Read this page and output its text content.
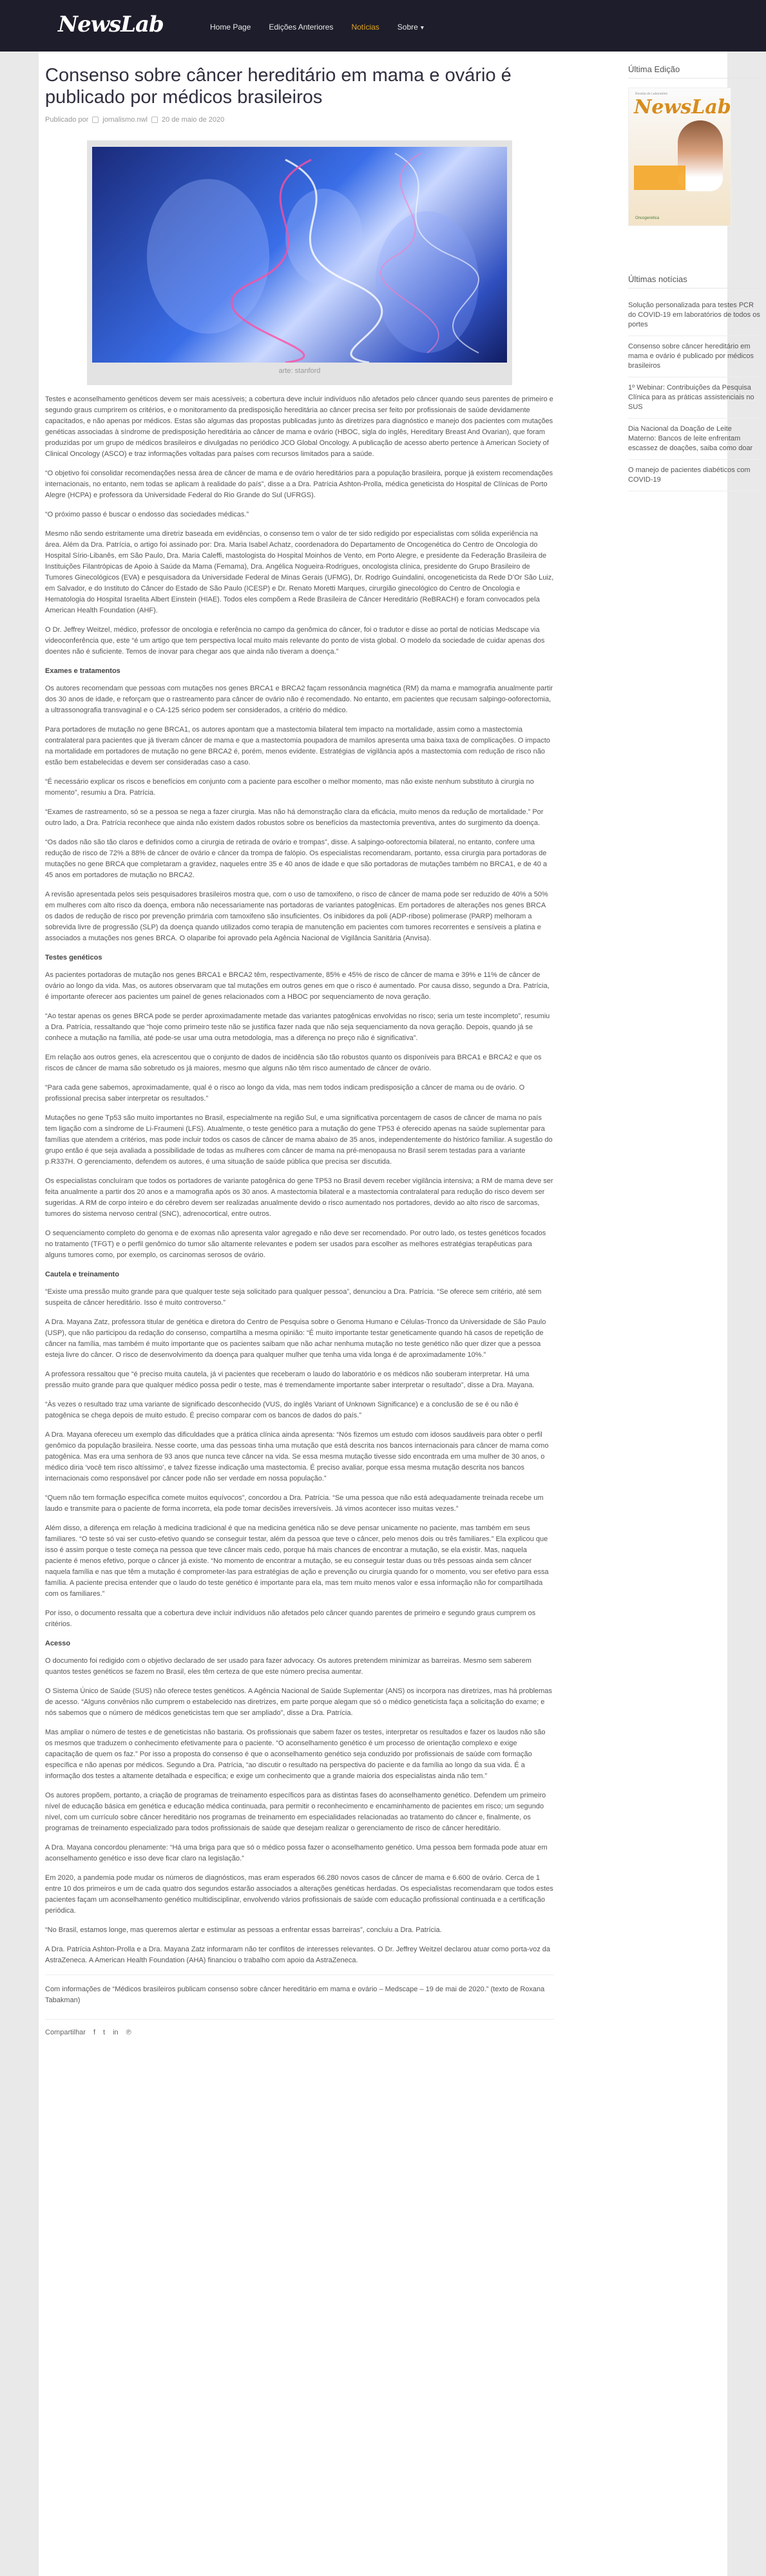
NewsLab	Home Page	Edições Anteriores	Notícias	Sobre ▾
Consenso sobre câncer hereditário em mama e ovário é publicado por médicos brasileiros
Publicado por jornalismo.nwl 20 de maio de 2020
arte: stanford

Testes e aconselhamento genéticos devem ser mais acessíveis; a cobertura deve incluir indivíduos não afetados pelo câncer quando seus parentes de primeiro e segundo graus cumprirem os critérios, e o monitoramento da predisposição hereditária ao câncer precisa ser feito por profissionais de saúde devidamente capacitados, e não apenas por médicos. Estas são algumas das propostas publicadas junto às diretrizes para diagnóstico e manejo dos pacientes com mutações genéticas associadas à síndrome de predisposição hereditária ao câncer de mama e ovário (HBOC, sigla do inglês, Hereditary Breast And Ovarian), que foram produzidas por um grupo de médicos brasileiros e divulgadas no periódico JCO Global Oncology. A publicação de acesso aberto pertence à American Society of Clinical Oncology (ASCO) e traz informações voltadas para países com recursos limitados para a saúde.

“O objetivo foi consolidar recomendações nessa área de câncer de mama e de ovário hereditários para a população brasileira, porque já existem recomendações internacionais, no entanto, nem todas se aplicam à realidade do país”, disse a a Dra. Patrícia Ashton-Prolla, médica geneticista do Hospital de Clínicas de Porto Alegre (HCPA) e professora da Universidade Federal do Rio Grande do Sul (UFRGS).

“O próximo passo é buscar o endosso das sociedades médicas.”

Mesmo não sendo estritamente uma diretriz baseada em evidências, o consenso tem o valor de ter sido redigido por especialistas com sólida experiência na área. Além da Dra. Patrícia, o artigo foi assinado por: Dra. Maria Isabel Achatz, coordenadora do Departamento de Oncogenética do Centro de Oncologia do Hospital Sírio-Libanês, em São Paulo, Dra. Maria Caleffi, mastologista do Hospital Moinhos de Vento, em Porto Alegre, e presidente da Federação Brasileira de Instituições Filantrópicas de Apoio à Saúde da Mama (Femama), Dra. Angélica Nogueira-Rodrigues, oncologista clínica, presidente do Grupo Brasileiro de Tumores Ginecológicos (EVA) e pesquisadora da Universidade Federal de Minas Gerais (UFMG), Dr. Rodrigo Guindalini, oncogeneticista da Rede D’Or São Luiz, em Salvador, e do Instituto do Câncer do Estado de São Paulo (ICESP) e Dr. Renato Moretti Marques, cirurgião ginecológico do Centro de Oncologia e Hematologia do Hospital Israelita Albert Einstein (HIAE). Todos eles compõem a Rede Brasileira de Câncer Hereditário (ReBRACH) e foram convocados pela American Health Foundation (AHF).

O Dr. Jeffrey Weitzel, médico, professor de oncologia e referência no campo da genômica do câncer, foi o tradutor e disse ao portal de notícias Medscape via videoconferência que, este “é um artigo que tem perspectiva local muito mais relevante do ponto de vista global. O modelo da sociedade de cuidar apenas dos doentes não é suficiente. Temos de inovar para chegar aos que ainda não tiveram a doença.”

Exames e tratamentos

Os autores recomendam que pessoas com mutações nos genes BRCA1 e BRCA2 façam ressonância magnética (RM) da mama e mamografia anualmente partir dos 30 anos de idade, e reforçam que o rastreamento para câncer de ovário não é recomendado. No entanto, em pacientes que recusam salpingo-ooforectomia, a ultrassonografia transvaginal e o CA-125 sérico podem ser considerados, a critério do médico.

Para portadores de mutação no gene BRCA1, os autores apontam que a mastectomia bilateral tem impacto na mortalidade, assim como a mastectomia contralateral para pacientes que já tiveram câncer de mama e que a mastectomia poupadora de mamilos apresenta uma baixa taxa de complicações. O impacto na mortalidade em portadores de mutação no gene BRCA2 é, porém, menos evidente. Estratégias de vigilância após a mastectomia com redução de risco não estão bem estabelecidas e devem ser consideradas caso a caso.

“É necessário explicar os riscos e benefícios em conjunto com a paciente para escolher o melhor momento, mas não existe nenhum substituto à cirurgia no momento”, resumiu a Dra. Patrícia.

“Exames de rastreamento, só se a pessoa se nega a fazer cirurgia. Mas não há demonstração clara da eficácia, muito menos da redução de mortalidade.” Por outro lado, a Dra. Patrícia reconhece que ainda não existem dados robustos sobre os benefícios da mastectomia preventiva, antes do surgimento da doença.

“Os dados não são tão claros e definidos como a cirurgia de retirada de ovário e trompas”, disse. A salpingo-ooforectomia bilateral, no entanto, confere uma redução de risco de 72% a 88% de câncer de ovário e câncer da trompa de falópio. Os especialistas recomendaram, portanto, essa cirurgia para portadoras de mutações no gene BRCA que completaram a gravidez, naqueles entre 35 e 40 anos de idade e que são portadoras de mutações também no BRCA1, e de 40 a 45 anos em portadores de mutação no BRCA2.

A revisão apresentada pelos seis pesquisadores brasileiros mostra que, com o uso de tamoxifeno, o risco de câncer de mama pode ser reduzido de 40% a 50% em mulheres com alto risco da doença, embora não necessariamente nas portadoras de variantes patogênicas. Em portadores de alterações nos genes BRCA os dados de redução de risco por prevenção primária com tamoxifeno são insuficientes. Os inibidores da poli (ADP-ribose) polimerase (PARP) melhoram a sobrevida livre de progressão (SLP) da doença quando utilizados como terapia de manutenção em pacientes com tumores recorrentes e sensíveis a platina e associados a mutações nos genes BRCA. O olaparibe foi aprovado pela Agência Nacional de Vigilância Sanitária (Anvisa).

Testes genéticos

As pacientes portadoras de mutação nos genes BRCA1 e BRCA2 têm, respectivamente, 85% e 45% de risco de câncer de mama e 39% e 11% de câncer de ovário ao longo da vida. Mas, os autores observaram que tal mutações em outros genes em que o risco é aumentado. Por causa disso, segundo a Dra. Patrícia, é importante oferecer aos pacientes um painel de genes relacionados com a HBOC por sequenciamento de nova geração.

“Ao testar apenas os genes BRCA pode se perder aproximadamente metade das variantes patogênicas envolvidas no risco; seria um teste incompleto”, resumiu a Dra. Patrícia, ressaltando que “hoje como primeiro teste não se justifica fazer nada que não seja sequenciamento da nova geração. Depois, quando já se conhece a mutação na família, até pode-se usar uma outra metodologia, mas a diferença no preço não é significativa”.

Em relação aos outros genes, ela acrescentou que o conjunto de dados de incidência são tão robustos quanto os disponíveis para BRCA1 e BRCA2 e que os riscos de câncer de mama são sobretudo os já maiores, mesmo que alguns não têm risco aumentado de câncer de ovário.

“Para cada gene sabemos, aproximadamente, qual é o risco ao longo da vida, mas nem todos indicam predisposição a câncer de mama ou de ovário. O profissional precisa saber interpretar os resultados.”

Mutações no gene Tp53 são muito importantes no Brasil, especialmente na região Sul, e uma significativa porcentagem de casos de câncer de mama no país tem ligação com a síndrome de Li-Fraumeni (LFS). Atualmente, o teste genético para a mutação do gene TP53 é oferecido apenas na saúde suplementar para famílias que atendem a critérios, mas pode incluir todos os casos de câncer de mama abaixo de 35 anos, independentemente do histórico familiar. A sugestão do grupo então é que seja avaliada a possibilidade de todas as mulheres com câncer de mama na pré-menopausa no Brasil serem testadas para a variante p.R337H. O gerenciamento, defendem os autores, é uma situação de saúde pública que precisa ser discutida.

Os especialistas concluíram que todos os portadores de variante patogênica do gene TP53 no Brasil devem receber vigilância intensiva; a RM de mama deve ser feita anualmente a partir dos 20 anos e a mamografia após os 30 anos. A mastectomia bilateral e a mastectomia contralateral para redução do risco devem ser sugeridas. A RM de corpo inteiro e do cérebro devem ser realizadas anualmente devido o risco aumentado nos portadores, devido ao alto risco de sarcomas, tumores do sistema nervoso central (SNC), adrenocortical, entre outros.

O sequenciamento completo do genoma e de exomas não apresenta valor agregado e não deve ser recomendado. Por outro lado, os testes genéticos focados no tratamento (TFGT) e o perfil genômico do tumor são altamente relevantes e podem ser usados para escolher as melhores estratégias terapêuticas para alguns tumores como, por exemplo, os carcinomas serosos de ovário.

Cautela e treinamento

“Existe uma pressão muito grande para que qualquer teste seja solicitado para qualquer pessoa”, denunciou a Dra. Patrícia. “Se oferece sem critério, até sem suspeita de câncer hereditário. Isso é muito controverso.”

A Dra. Mayana Zatz, professora titular de genética e diretora do Centro de Pesquisa sobre o Genoma Humano e Células-Tronco da Universidade de São Paulo (USP), que não participou da redação do consenso, compartilha a mesma opinião: “É muito importante testar geneticamente quando há casos de repetição de câncer na família, mas também é muito importante que os pacientes saibam que não achar nenhuma mutação no teste genético não quer dizer que a pessoa esteja livre do câncer. O risco de desenvolvimento da doença para qualquer mulher que tenha uma vida longa é de aproximadamente 10%.”

A professora ressaltou que “é preciso muita cautela, já vi pacientes que receberam o laudo do laboratório e os médicos não souberam interpretar. Há uma pressão muito grande para que qualquer médico possa pedir o teste, mas é tremendamente importante saber interpretar o resultado”, disse a Dra. Mayana.

“Às vezes o resultado traz uma variante de significado desconhecido (VUS, do inglês Variant of Unknown Significance) e a conclusão de se é ou não é patogênica se chega depois de muito estudo. É preciso comparar com os bancos de dados do país.”

A Dra. Mayana ofereceu um exemplo das dificuldades que a prática clínica ainda apresenta: “Nós fizemos um estudo com idosos saudáveis para obter o perfil genômico da população brasileira. Nesse coorte, uma das pessoas tinha uma mutação que está descrita nos bancos internacionais para câncer de mama como patogênica. Mas era uma senhora de 93 anos que nunca teve câncer na vida. Se essa mesma mutação tivesse sido encontrada em uma mulher de 30 anos, o médico diria ‘você tem risco altíssimo’, e talvez fizesse indicação uma mastectomia. É preciso avaliar, porque essa mesma mutação descrita nos bancos internacionais como responsável por câncer pode não ser verdade em nossa população.”

“Quem não tem formação específica comete muitos equívocos”, concordou a Dra. Patrícia. “Se uma pessoa que não está adequadamente treinada recebe um laudo e transmite para o paciente de forma incorreta, ela pode tomar decisões irreversíveis. Já vimos acontecer isso muitas vezes.”

Além disso, a diferença em relação à medicina tradicional é que na medicina genética não se deve pensar unicamente no paciente, mas também em seus familiares. “O teste só vai ser custo-efetivo quando se conseguir testar, além da pessoa que teve o câncer, pelo menos dois ou três familiares.” Ela explicou que isso é assim porque o teste começa na pessoa que teve câncer mais cedo, porque há mais chances de encontrar a mutação, se ela existir. Mas, naquela paciente é menos efetivo, porque o câncer já existe. “No momento de encontrar a mutação, se eu conseguir testar duas ou três pessoas ainda sem câncer naquela família e nas que têm a mutação é comprometer-las para estratégias de ação e prevenção ou cirurgia quando for o momento, vou ser efetivo para essa família. A paciente precisa entender que o laudo do teste genético é importante para ela, mas tem muito menos valor e essa informação não for compartilhada com os familiares.”

Por isso, o documento ressalta que a cobertura deve incluir indivíduos não afetados pelo câncer quando parentes de primeiro e segundo graus cumprem os critérios.

Acesso

O documento foi redigido com o objetivo declarado de ser usado para fazer advocacy. Os autores pretendem minimizar as barreiras. Mesmo sem saberem quantos testes genéticos se fazem no Brasil, eles têm certeza de que este número precisa aumentar.

O Sistema Único de Saúde (SUS) não oferece testes genéticos. A Agência Nacional de Saúde Suplementar (ANS) os incorpora nas diretrizes, mas há problemas de acesso. “Alguns convênios não cumprem o estabelecido nas diretrizes, em parte porque alegam que só o médico geneticista faça a solicitação do exame; e nós sabemos que o número de médicos geneticistas tem que ser ampliado”, disse a Dra. Patrícia.

Mas ampliar o número de testes e de geneticistas não bastaria. Os profissionais que sabem fazer os testes, interpretar os resultados e fazer os laudos não são os mesmos que traduzem o conhecimento efetivamente para o paciente. “O aconselhamento genético é um processo de orientação complexo e exige capacitação de quem os faz.” Por isso a proposta do consenso é que o aconselhamento genético seja conduzido por profissionais de saúde com formação específica e não apenas por médicos. Segundo a Dra. Patrícia, “ao discutir o resultado na perspectiva do paciente e da família ao longo da sua vida. É a informação dos testes a altamente detalhada e específica; e exige um conhecimento que a grande maioria dos especialistas ainda não tem.”

Os autores propõem, portanto, a criação de programas de treinamento específicos para as distintas fases do aconselhamento genético. Defendem um primeiro nível de educação básica em genética e educação médica continuada, para permitir o reconhecimento e encaminhamento de pacientes em risco; um segundo nível, com um currículo sobre câncer hereditário nos programas de treinamento em especialidades relacionadas ao tratamento do câncer e, finalmente, os programas de treinamento especializado para todos profissionais de saúde que desejam realizar o gerenciamento de risco de câncer hereditário.

A Dra. Mayana concordou plenamente: “Há uma briga para que só o médico possa fazer o aconselhamento genético. Uma pessoa bem formada pode atuar em aconselhamento genético e isso deve ficar claro na legislação.”

Em 2020, a pandemia pode mudar os números de diagnósticos, mas eram esperados 66.280 novos casos de câncer de mama e 6.600 de ovário. Cerca de 1 entre 10 dos primeiros e um de cada quatro dos segundos estarão associados a alterações genéticas herdadas. Os especialistas recomendaram que todos estes pacientes façam um aconselhamento genético multidisciplinar, envolvendo vários profissionais de saúde com educação profissional continuada e a certificação periódica.

“No Brasil, estamos longe, mas queremos alertar e estimular as pessoas a enfrentar essas barreiras”, concluiu a Dra. Patrícia.

A Dra. Patrícia Ashton-Prolla e a Dra. Mayana Zatz informaram não ter conflitos de interesses relevantes. O Dr. Jeffrey Weitzel declarou atuar como porta-voz da AstraZeneca. A American Health Foundation (AHA) financiou o trabalho com apoio da AstraZeneca.

Com informações de “Médicos brasileiros publicam consenso sobre câncer hereditário em mama e ovário – Medscape – 19 de mai de 2020.” (texto de Roxana Tabakman)
Compartilhar f t in ℗
Última Edição
Revista de Laboratório
NewsLab
Oncogenética
Últimas notícias
Solução personalizada para testes PCR do COVID-19 em laboratórios de todos os portes
Consenso sobre câncer hereditário em mama e ovário é publicado por médicos brasileiros
1º Webinar: Contribuições da Pesquisa Clínica para as práticas assistenciais no SUS
Dia Nacional da Doação de Leite Materno: Bancos de leite enfrentam escassez de doações, saiba como doar
O manejo de pacientes diabéticos com COVID-19
